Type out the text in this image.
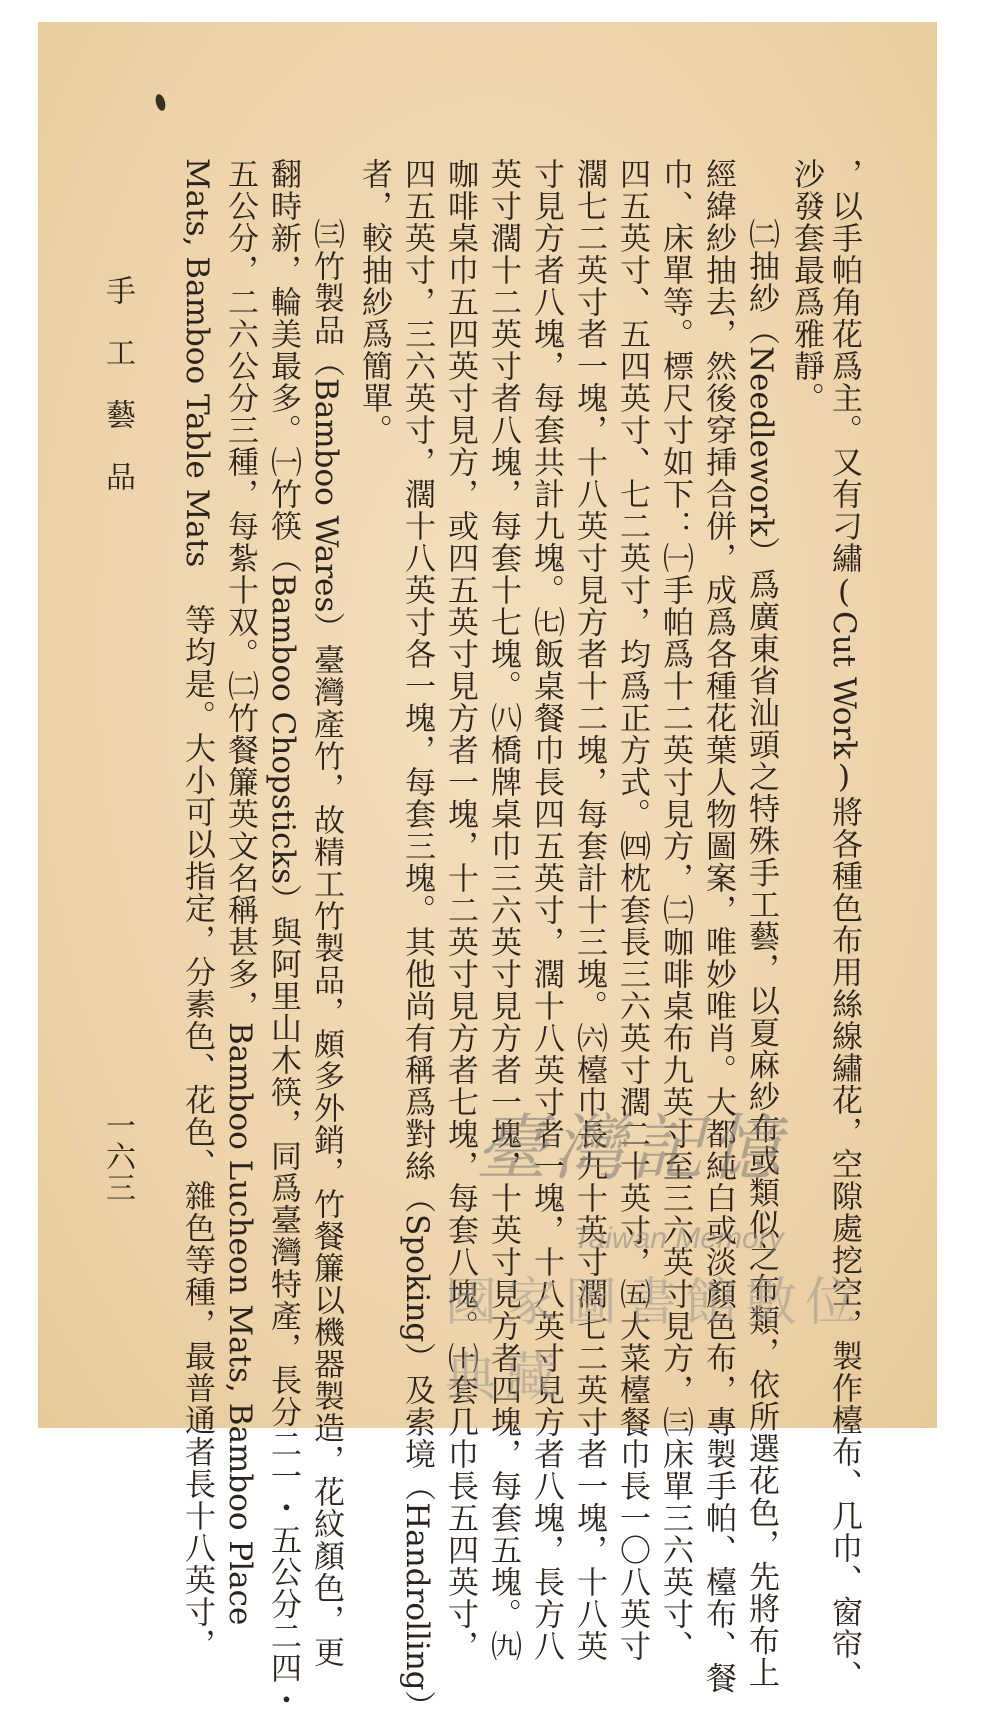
，以手帕角花爲主。又有刁繡(Cut Work)將各種色布用絲線繡花，空隙處挖空，製作檯布、几巾、窗帘、
沙發套最爲雅靜。
㈡抽紗（Needlework）爲廣東省汕頭之特殊手工藝，以夏麻紗布或類似之布類，依所選花色，先將布上
經緯紗抽去，然後穿挿合併，成爲各種花葉人物圖案，唯妙唯肖。大都純白或淡顏色布，專製手帕、檯布、餐
巾、床單等。標尺寸如下：㈠手帕爲十二英寸見方，㈡咖啡桌布九英寸至三六英寸見方，㈢床單三六英寸、
四五英寸、五四英寸、七二英寸，均爲正方式。㈣枕套長三六英寸濶二十英寸，㈤大菜檯餐巾長一〇八英寸
濶七二英寸者一塊，十八英寸見方者十二塊，每套計十三塊。㈥檯巾長九十英寸濶七二英寸者一塊，十八英
寸見方者八塊，每套共計九塊。㈦飯桌餐巾長四五英寸，濶十八英寸者一塊，十八英寸見方者八塊，長方八
英寸濶十二英寸者八塊，每套十七塊。㈧橋牌桌巾三六英寸見方者一塊，十英寸見方者四塊，每套五塊。㈨
咖啡桌巾五四英寸見方，或四五英寸見方者一塊，十二英寸見方者七塊，每套八塊。㈩套几巾長五四英寸，
四五英寸，三六英寸，濶十八英寸各一塊，每套三塊。其他尚有稱爲對絲（Spoking）及索境（Handrolling）
者，較抽紗爲簡單。
㈢竹製品（Bamboo Wares）臺灣產竹，故精工竹製品，頗多外銷，竹餐簾以機器製造，花紋顏色，更
翻時新，輪美最多。㈠竹筷（Bamboo Chopsticks）與阿里山木筷，同爲臺灣特產，長分二一・五公分二四・
五公分，二六公分三種，每紮十双。㈡竹餐簾英文名稱甚多，Bamboo Lucheon Mats, Bamboo Place
Mats, Bamboo Table Mats 等均是。大小可以指定，分素色、花色、雜色等種，最普通者長十八英寸，
手　工　藝　品
一六三	臺灣記憶
Taiwan Memory
國家圖書館數位典藏
